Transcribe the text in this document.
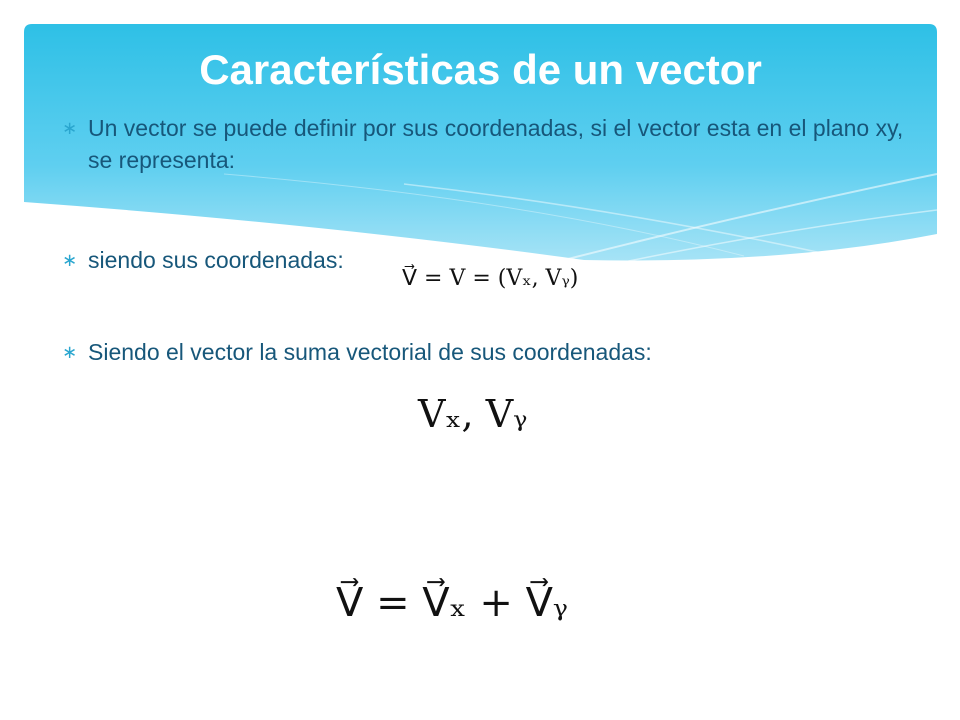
Características de un vector
∗ Un vector se puede definir por sus coordenadas, si el vector esta en el plano xy, se representa:
∗ siendo sus coordenadas:
∗ Siendo el vector la suma vectorial de sus coordenadas:
V⃗ = V = (Vₓ, Vᵧ)
Vₓ, Vᵧ
V⃗ = V⃗ₓ + V⃗ᵧ
